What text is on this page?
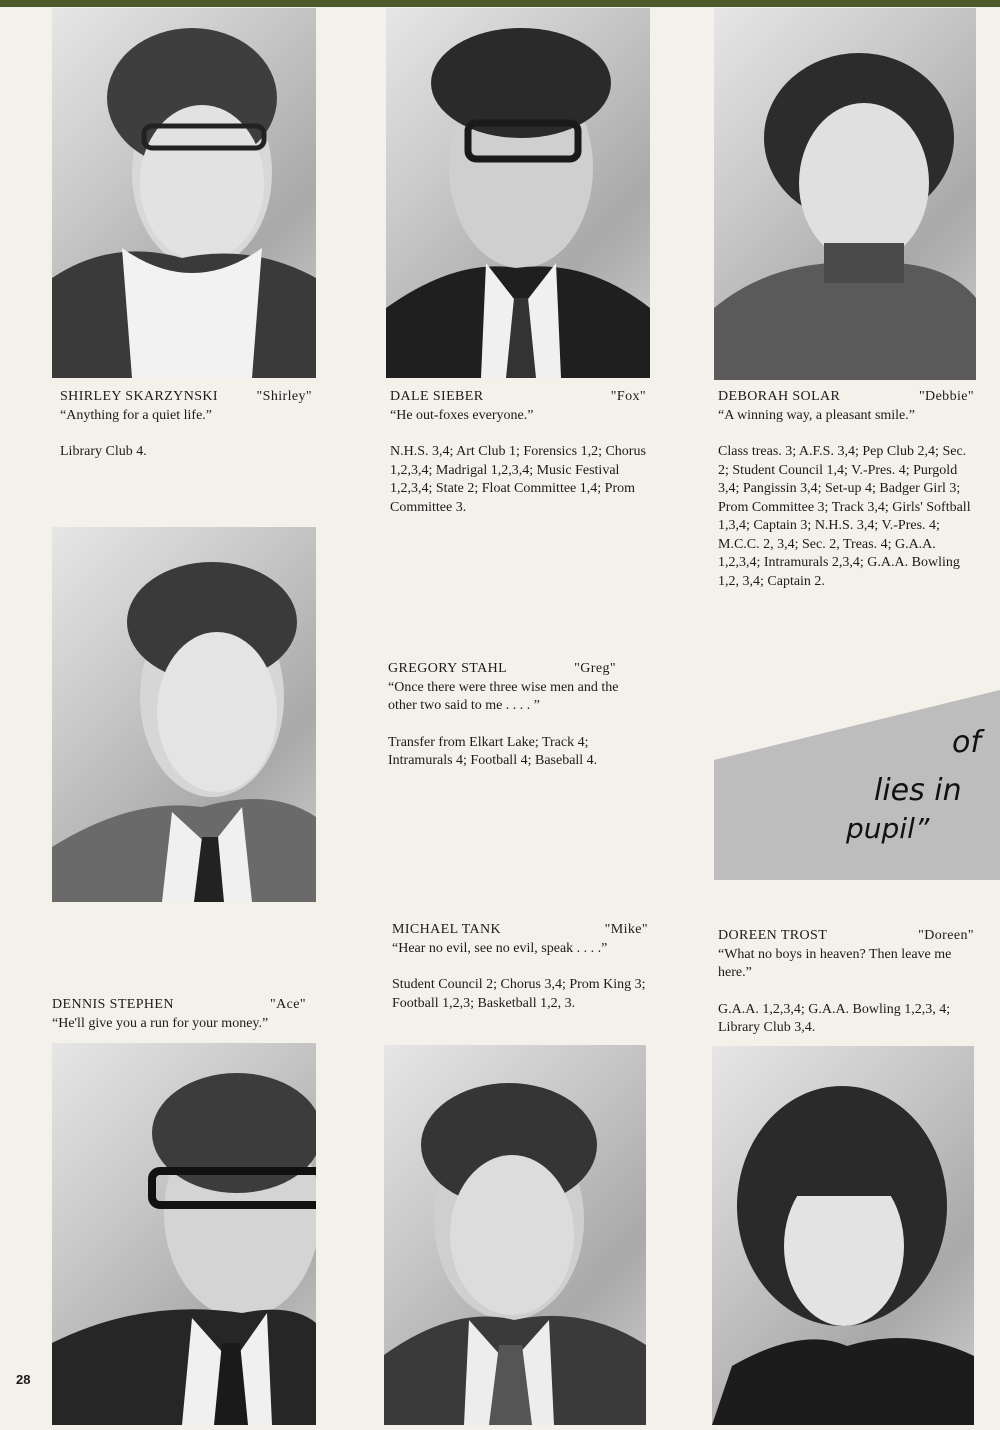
SHIRLEY SKARZYNSKI	"Shirley"

“Anything for a quiet life.”

Library Club 4.

DALE SIEBER	"Fox"

“He out-foxes everyone.”

N.H.S. 3,4; Art Club 1; Forensics 1,2; Chorus 1,2,3,4; Madrigal 1,2,3,4; Music Festival 1,2,3,4; State 2; Float Committee 1,4; Prom Committee 3.

DEBORAH SOLAR	"Debbie"

“A winning way, a pleasant smile.”

Class treas. 3; A.F.S. 3,4; Pep Club 2,4; Sec. 2; Student Council 1,4; V.-Pres. 4; Purgold 3,4; Pangissin 3,4; Set-up 4; Badger Girl 3; Prom Committee 3; Track 3,4; Girls' Softball 1,3,4; Captain 3; N.H.S. 3,4; V.-Pres. 4; M.C.C. 2, 3,4; Sec. 2, Treas. 4; G.A.A. 1,2,3,4; Intramurals 2,3,4; G.A.A. Bowling 1,2, 3,4; Captain 2.

GREGORY STAHL	"Greg"

“Once there were three wise men and the other two said to me . . . . ”

Transfer from Elkart Lake; Track 4; Intramurals 4; Football 4; Baseball 4.

of
lies in
pupil”
DENNIS STEPHEN	"Ace"

“He'll give you a run for your money.”

MICHAEL TANK	"Mike"

“Hear no evil, see no evil, speak . . . .”

Student Council 2; Chorus 3,4; Prom King 3; Football 1,2,3; Basketball 1,2, 3.

DOREEN TROST	"Doreen"

“What no boys in heaven? Then leave me here.”

G.A.A. 1,2,3,4; G.A.A. Bowling 1,2,3, 4; Library Club 3,4.

28
